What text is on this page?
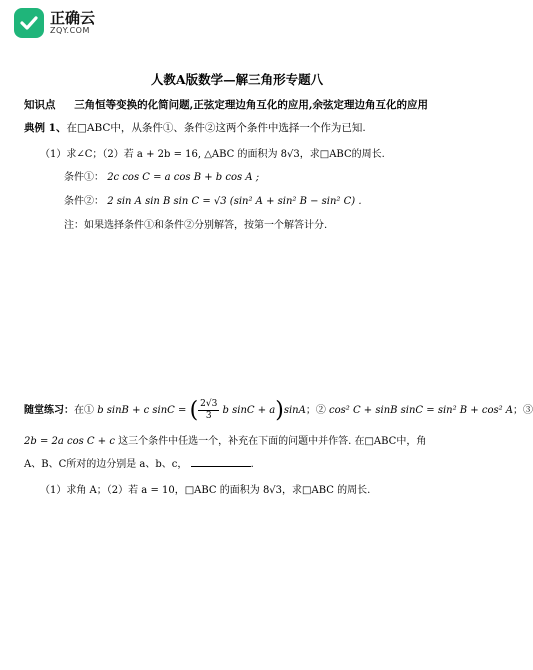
正确云
ZQY.COM
人教A版数学—解三角形专题八
知识点 三角恒等变换的化简问题,正弦定理边角互化的应用,余弦定理边角互化的应用
典例 1、在□ABC中，从条件①、条件②这两个条件中选择一个作为已知.
（1）求∠C；（2）若 a + 2b = 16, △ABC 的面积为 8√3，求□ABC的周长.
条件①： 2c cos C = a cos B + b cos A ;
条件②： 2 sin A sin B sin C = √3 (sin² A + sin² B − sin² C) .
注：如果选择条件①和条件②分别解答，按第一个解答计分.
随堂练习：在① b sinB + c sinC = ( $\frac{2√3}{3}$ b sinC + a)sinA；② cos² C + sinB sinC = sin² B + cos² A；③
2b = 2a cos C + c 这三个条件中任选一个，补充在下面的问题中并作答. 在□ABC中，角
A、B、C所对的边分别是 a、b、c，	.
（1）求角 A；（2）若 a = 10，□ABC 的面积为 8√3，求□ABC 的周长.
